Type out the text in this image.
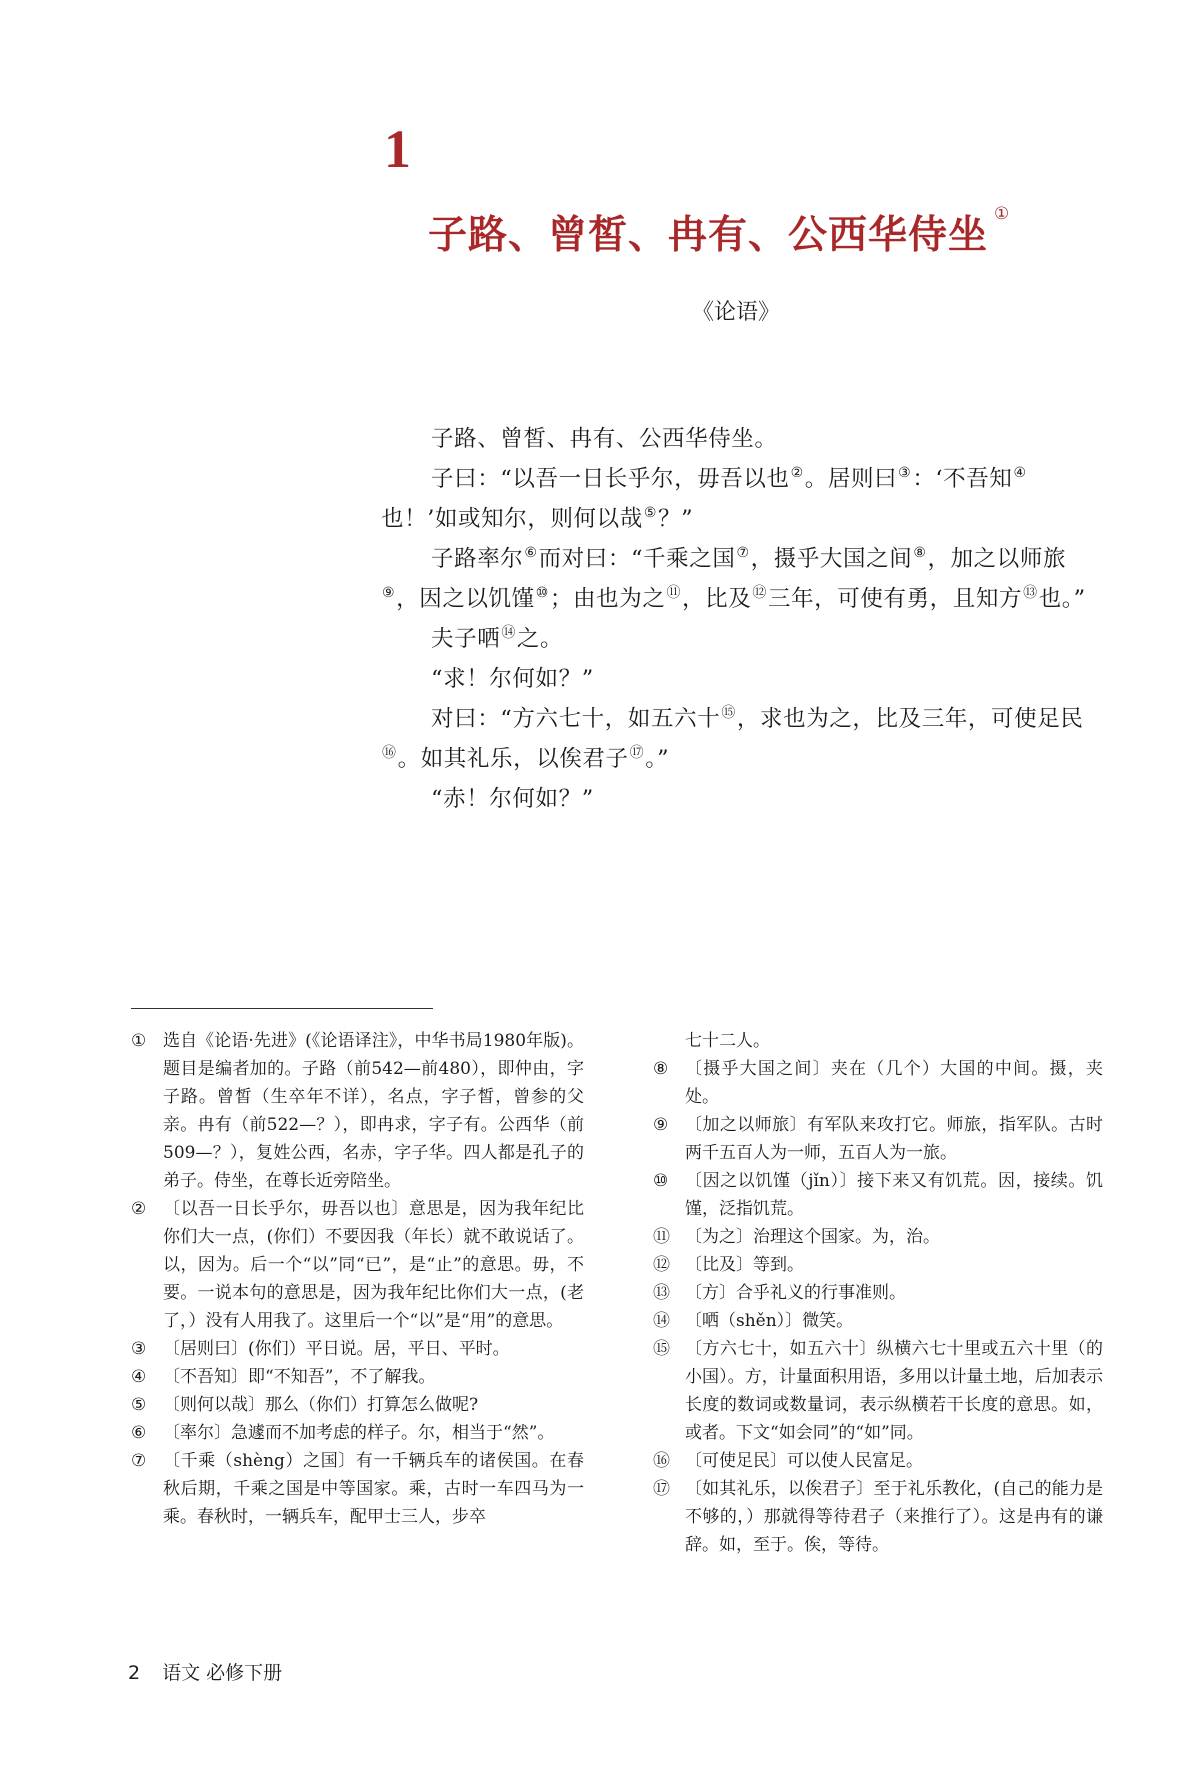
1
子路、曾皙、冉有、公西华侍坐 ①
《论语》

子路、曾皙、冉有、公西华侍坐。

子曰：“以吾一日长乎尔，毋吾以也②。居则曰③：‘不吾知④也！’如或知尔，则何以哉⑤？”

子路率尔⑥而对曰：“千乘之国⑦，摄乎大国之间⑧，加之以师旅⑨，因之以饥馑⑩；由也为之⑪，比及⑫三年，可使有勇，且知方⑬也。”

夫子哂⑭之。

“求！尔何如？”

对曰：“方六七十，如五六十⑮，求也为之，比及三年，可使足民⑯。如其礼乐，以俟君子⑰。”

“赤！尔何如？”

① 选自《论语·先进》(《论语译注》，中华书局1980年版)。题目是编者加的。子路（前542—前480），即仲由，字子路。曾皙（生卒年不详），名点，字子皙，曾参的父亲。冉有（前522—？），即冉求，字子有。公西华（前509—？），复姓公西，名赤，字子华。四人都是孔子的弟子。侍坐，在尊长近旁陪坐。

② 〔以吾一日长乎尔，毋吾以也〕意思是，因为我年纪比你们大一点，(你们）不要因我（年长）就不敢说话了。以，因为。后一个“以”同“已”，是“止”的意思。毋，不要。一说本句的意思是，因为我年纪比你们大一点，(老了，）没有人用我了。这里后一个“以”是“用”的意思。

③ 〔居则曰〕(你们）平日说。居，平日、平时。

④ 〔不吾知〕即“不知吾”，不了解我。

⑤ 〔则何以哉〕那么（你们）打算怎么做呢?

⑥ 〔率尔〕急遽而不加考虑的样子。尔，相当于“然”。

⑦ 〔千乘（shèng）之国〕有一千辆兵车的诸侯国。在春秋后期，千乘之国是中等国家。乘，古时一车四马为一乘。春秋时，一辆兵车，配甲士三人，步卒

七十二人。

⑧ 〔摄乎大国之间〕夹在（几个）大国的中间。摄，夹处。

⑨ 〔加之以师旅〕有军队来攻打它。师旅，指军队。古时两千五百人为一师，五百人为一旅。

⑩ 〔因之以饥馑（jǐn）〕接下来又有饥荒。因，接续。饥馑，泛指饥荒。

⑪ 〔为之〕治理这个国家。为，治。

⑫ 〔比及〕等到。

⑬ 〔方〕合乎礼义的行事准则。

⑭ 〔哂（shěn）〕微笑。

⑮ 〔方六七十，如五六十〕纵横六七十里或五六十里（的小国）。方，计量面积用语，多用以计量土地，后加表示长度的数词或数量词，表示纵横若干长度的意思。如，或者。下文“如会同”的“如”同。

⑯ 〔可使足民〕可以使人民富足。

⑰ 〔如其礼乐，以俟君子〕至于礼乐教化，(自己的能力是不够的，）那就得等待君子（来推行了）。这是冉有的谦辞。如，至于。俟，等待。

2 语文 必修下册
